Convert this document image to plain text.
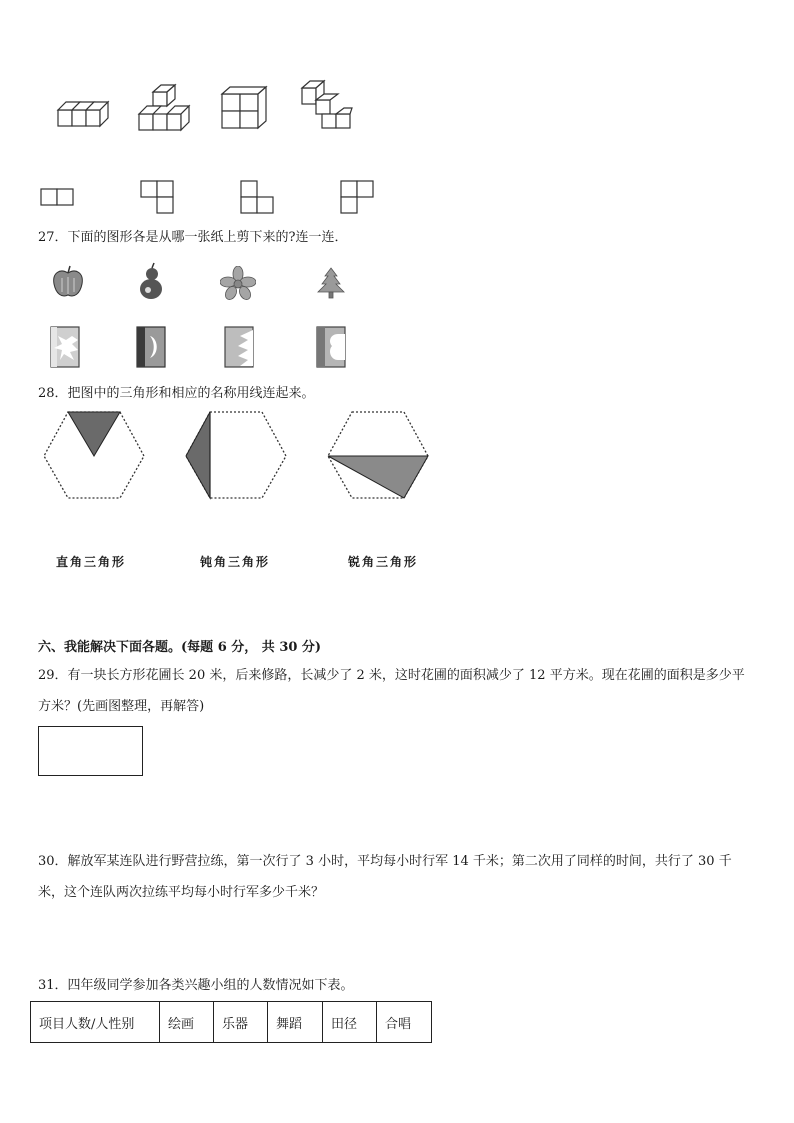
27．下面的图形各是从哪一张纸上剪下来的?连一连．
28．把图中的三角形和相应的名称用线连起来。
直角三角形	钝角三角形	锐角三角形
六、我能解决下面各题。(每题 6 分， 共 30 分)
29．有一块长方形花圃长 20 米，后来修路，长减少了 2 米，这时花圃的面积减少了 12 平方米。现在花圃的面积是多少平方米？(先画图整理，再解答)
30．解放军某连队进行野营拉练，第一次行了 3 小时，平均每小时行军 14 千米；第二次用了同样的时间，共行了 30 千米，这个连队两次拉练平均每小时行军多少千米？
31．四年级同学参加各类兴趣小组的人数情况如下表。
项目人数/人性别	绘画	乐器	舞蹈	田径	合唱
